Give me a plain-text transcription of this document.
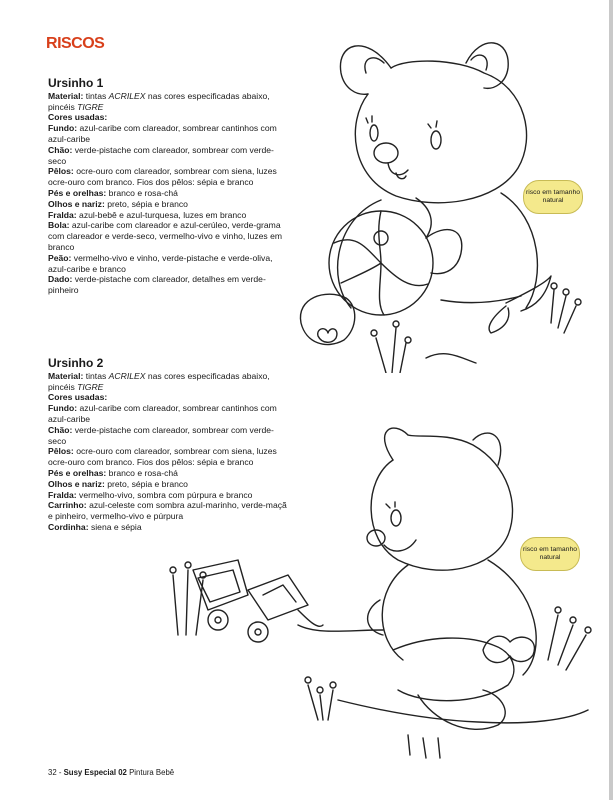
RISCOS
Ursinho 1
Material: tintas ACRILEX nas cores especificadas abaixo, pincéis TIGRE
Cores usadas:
Fundo: azul-caribe com clareador, sombrear cantinhos com azul-caribe
Chão: verde-pistache com clareador, sombrear com verde-seco
Pêlos: ocre-ouro com clareador, sombrear com siena, luzes ocre-ouro com branco. Fios dos pêlos: sépia e branco
Pés e orelhas: branco e rosa-chá
Olhos e nariz: preto, sépia e branco
Fralda: azul-bebê e azul-turquesa, luzes em branco
Bola: azul-caribe com clareador e azul-cerúleo, verde-grama com clareador e verde-seco, vermelho-vivo e vinho, luzes em branco
Peão: vermelho-vivo e vinho, verde-pistache e verde-oliva, azul-caribe e branco
Dado: verde-pistache com clareador, detalhes em verde-pinheiro
Ursinho 2
Material: tintas ACRILEX nas cores especificadas abaixo, pincéis TIGRE
Cores usadas:
Fundo: azul-caribe com clareador, sombrear cantinhos com azul-caribe
Chão: verde-pistache com clareador, sombrear com verde-seco
Pêlos: ocre-ouro com clareador, sombrear com siena, luzes ocre-ouro com branco. Fios dos pêlos: sépia e branco
Pés e orelhas: branco e rosa-chá
Olhos e nariz: preto, sépia e branco
Fralda: vermelho-vivo, sombra com púrpura e branco
Carrinho: azul-celeste com sombra azul-marinho, verde-maçã e pinheiro, vermelho-vivo e púrpura
Cordinha: siena e sépia
risco em tamanho natural
risco em tamanho natural
32 - Susy Especial 02 Pintura Bebê
